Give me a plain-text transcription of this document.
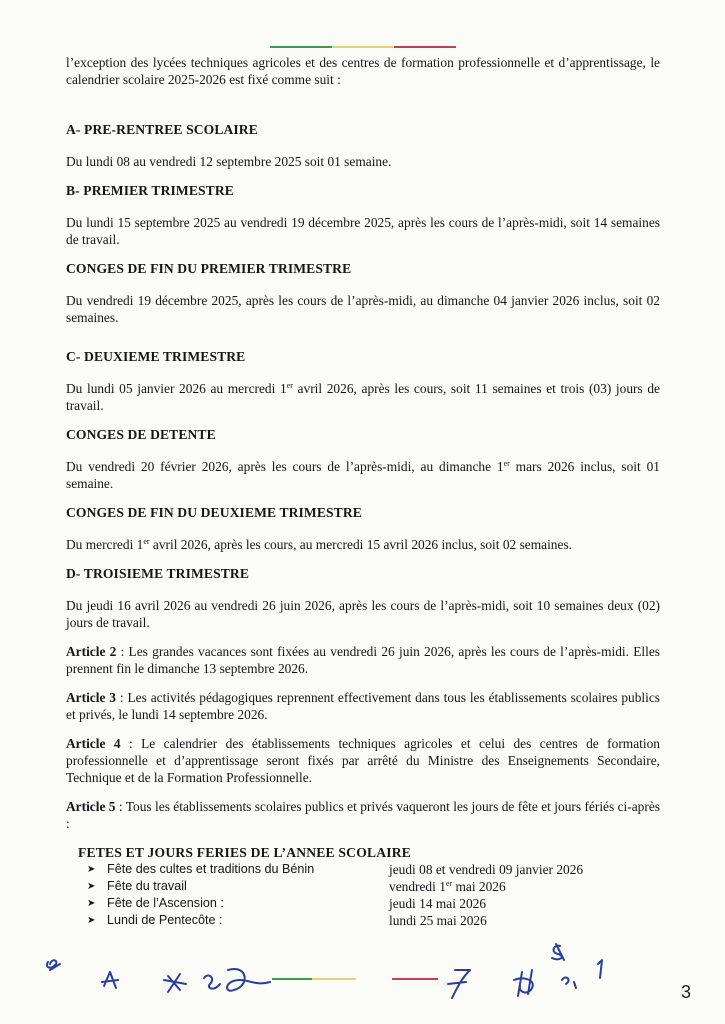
l’exception des lycées techniques agricoles et des centres de formation professionnelle et d’apprentissage, le calendrier scolaire 2025-2026 est fixé comme suit :

A- PRE-RENTREE SCOLAIRE

Du lundi 08 au vendredi 12 septembre 2025 soit 01 semaine.

B- PREMIER TRIMESTRE

Du lundi 15 septembre 2025 au vendredi 19 décembre 2025, après les cours de l’après-midi, soit 14 semaines de travail.

CONGES DE FIN DU PREMIER TRIMESTRE

Du vendredi 19 décembre 2025, après les cours de l’après-midi, au dimanche 04 janvier 2026 inclus, soit 02 semaines.

C- DEUXIEME TRIMESTRE

Du lundi 05 janvier 2026 au mercredi 1er avril 2026, après les cours, soit 11 semaines et trois (03) jours de travail.

CONGES DE DETENTE

Du vendredi 20 février 2026, après les cours de l’après-midi, au dimanche 1er mars 2026 inclus, soit 01 semaine.

CONGES DE FIN DU DEUXIEME TRIMESTRE

Du mercredi 1er avril 2026, après les cours, au mercredi 15 avril 2026 inclus, soit 02 semaines.

D- TROISIEME TRIMESTRE

Du jeudi 16 avril 2026 au vendredi 26 juin 2026, après les cours de l’après-midi, soit 10 semaines deux (02) jours de travail.

Article 2 : Les grandes vacances sont fixées au vendredi 26 juin 2026, après les cours de l’après-midi. Elles prennent fin le dimanche 13 septembre 2026.

Article 3 : Les activités pédagogiques reprennent effectivement dans tous les établissements scolaires publics et privés, le lundi 14 septembre 2026.

Article 4 : Le calendrier des établissements techniques agricoles et celui des centres de formation professionnelle et d’apprentissage seront fixés par arrêté du Ministre des Enseignements Secondaire, Technique et de la Formation Professionnelle.

Article 5 : Tous les établissements scolaires publics et privés vaqueront les jours de fête et jours fériés ci-après :

FETES ET JOURS FERIES DE L’ANNEE SCOLAIRE

➤ Fête des cultes et traditions du Bénin	jeudi 08 et vendredi 09 janvier 2026
➤ Fête du travail	vendredi 1er mai 2026
➤ Fête de l’Ascension :	jeudi 14 mai 2026
➤ Lundi de Pentecôte :	lundi 25 mai 2026
3
